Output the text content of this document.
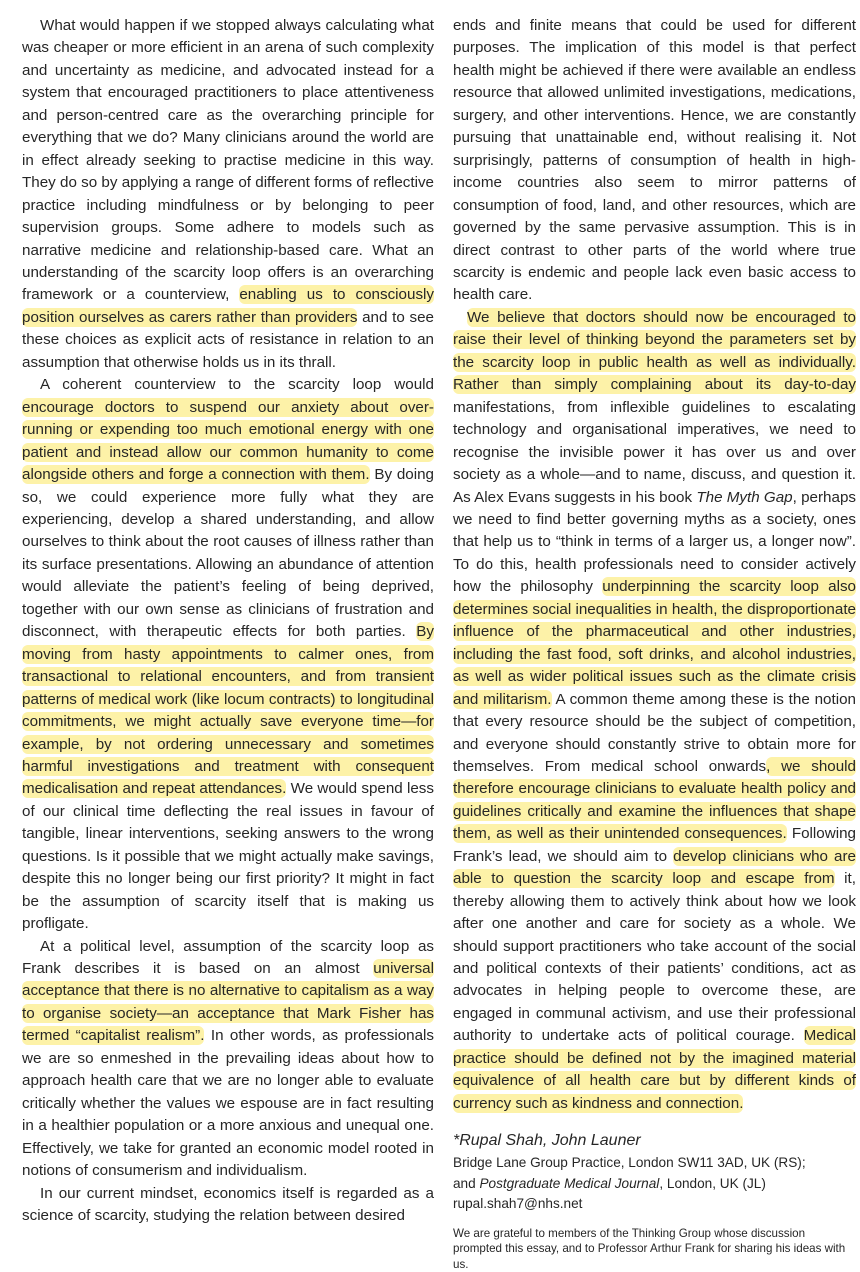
What would happen if we stopped always calculating what was cheaper or more efficient in an arena of such complexity and uncertainty as medicine, and advocated instead for a system that encouraged practitioners to place attentiveness and person-centred care as the overarching principle for everything that we do? Many clinicians around the world are in effect already seeking to practise medicine in this way. They do so by applying a range of different forms of reflective practice including mindfulness or by belonging to peer supervision groups. Some adhere to models such as narrative medicine and relationship-based care. What an understanding of the scarcity loop offers is an overarching framework or a counterview, enabling us to consciously position ourselves as carers rather than providers and to see these choices as explicit acts of resistance in relation to an assumption that otherwise holds us in its thrall.

A coherent counterview to the scarcity loop would encourage doctors to suspend our anxiety about over-running or expending too much emotional energy with one patient and instead allow our common humanity to come alongside others and forge a connection with them. By doing so, we could experience more fully what they are experiencing, develop a shared understanding, and allow ourselves to think about the root causes of illness rather than its surface presentations. Allowing an abundance of attention would alleviate the patient’s feeling of being deprived, together with our own sense as clinicians of frustration and disconnect, with therapeutic effects for both parties. By moving from hasty appointments to calmer ones, from transactional to relational encounters, and from transient patterns of medical work (like locum contracts) to longitudinal commitments, we might actually save everyone time—for example, by not ordering unnecessary and sometimes harmful investigations and treatment with consequent medicalisation and repeat attendances. We would spend less of our clinical time deflecting the real issues in favour of tangible, linear interventions, seeking answers to the wrong questions. Is it possible that we might actually make savings, despite this no longer being our first priority? It might in fact be the assumption of scarcity itself that is making us profligate.

At a political level, assumption of the scarcity loop as Frank describes it is based on an almost universal acceptance that there is no alternative to capitalism as a way to organise society—an acceptance that Mark Fisher has termed “capitalist realism”. In other words, as professionals we are so enmeshed in the prevailing ideas about how to approach health care that we are no longer able to evaluate critically whether the values we espouse are in fact resulting in a healthier population or a more anxious and unequal one. Effectively, we take for granted an economic model rooted in notions of consumerism and individualism.

In our current mindset, economics itself is regarded as a science of scarcity, studying the relation between desired

ends and finite means that could be used for different purposes. The implication of this model is that perfect health might be achieved if there were available an endless resource that allowed unlimited investigations, medications, surgery, and other interventions. Hence, we are constantly pursuing that unattainable end, without realising it. Not surprisingly, patterns of consumption of health in high-income countries also seem to mirror patterns of consumption of food, land, and other resources, which are governed by the same pervasive assumption. This is in direct contrast to other parts of the world where true scarcity is endemic and people lack even basic access to health care.

We believe that doctors should now be encouraged to raise their level of thinking beyond the parameters set by the scarcity loop in public health as well as individually. Rather than simply complaining about its day-to-day manifestations, from inflexible guidelines to escalating technology and organisational imperatives, we need to recognise the invisible power it has over us and over society as a whole—and to name, discuss, and question it. As Alex Evans suggests in his book The Myth Gap, perhaps we need to find better governing myths as a society, ones that help us to “think in terms of a larger us, a longer now”. To do this, health professionals need to consider actively how the philosophy underpinning the scarcity loop also determines social inequalities in health, the disproportionate influence of the pharmaceutical and other industries, including the fast food, soft drinks, and alcohol industries, as well as wider political issues such as the climate crisis and militarism. A common theme among these is the notion that every resource should be the subject of competition, and everyone should constantly strive to obtain more for themselves. From medical school onwards, we should therefore encourage clinicians to evaluate health policy and guidelines critically and examine the influences that shape them, as well as their unintended consequences. Following Frank’s lead, we should aim to develop clinicians who are able to question the scarcity loop and escape from it, thereby allowing them to actively think about how we look after one another and care for society as a whole. We should support practitioners who take account of the social and political contexts of their patients’ conditions, act as advocates in helping people to overcome these, are engaged in communal activism, and use their professional authority to undertake acts of political courage. Medical practice should be defined not by the imagined material equivalence of all health care but by different kinds of currency such as kindness and connection.

*Rupal Shah, John Launer
Bridge Lane Group Practice, London SW11 3AD, UK (RS);
and Postgraduate Medical Journal, London, UK (JL)
rupal.shah7@nhs.net
We are grateful to members of the Thinking Group whose discussion prompted this essay, and to Professor Arthur Frank for sharing his ideas with us.
